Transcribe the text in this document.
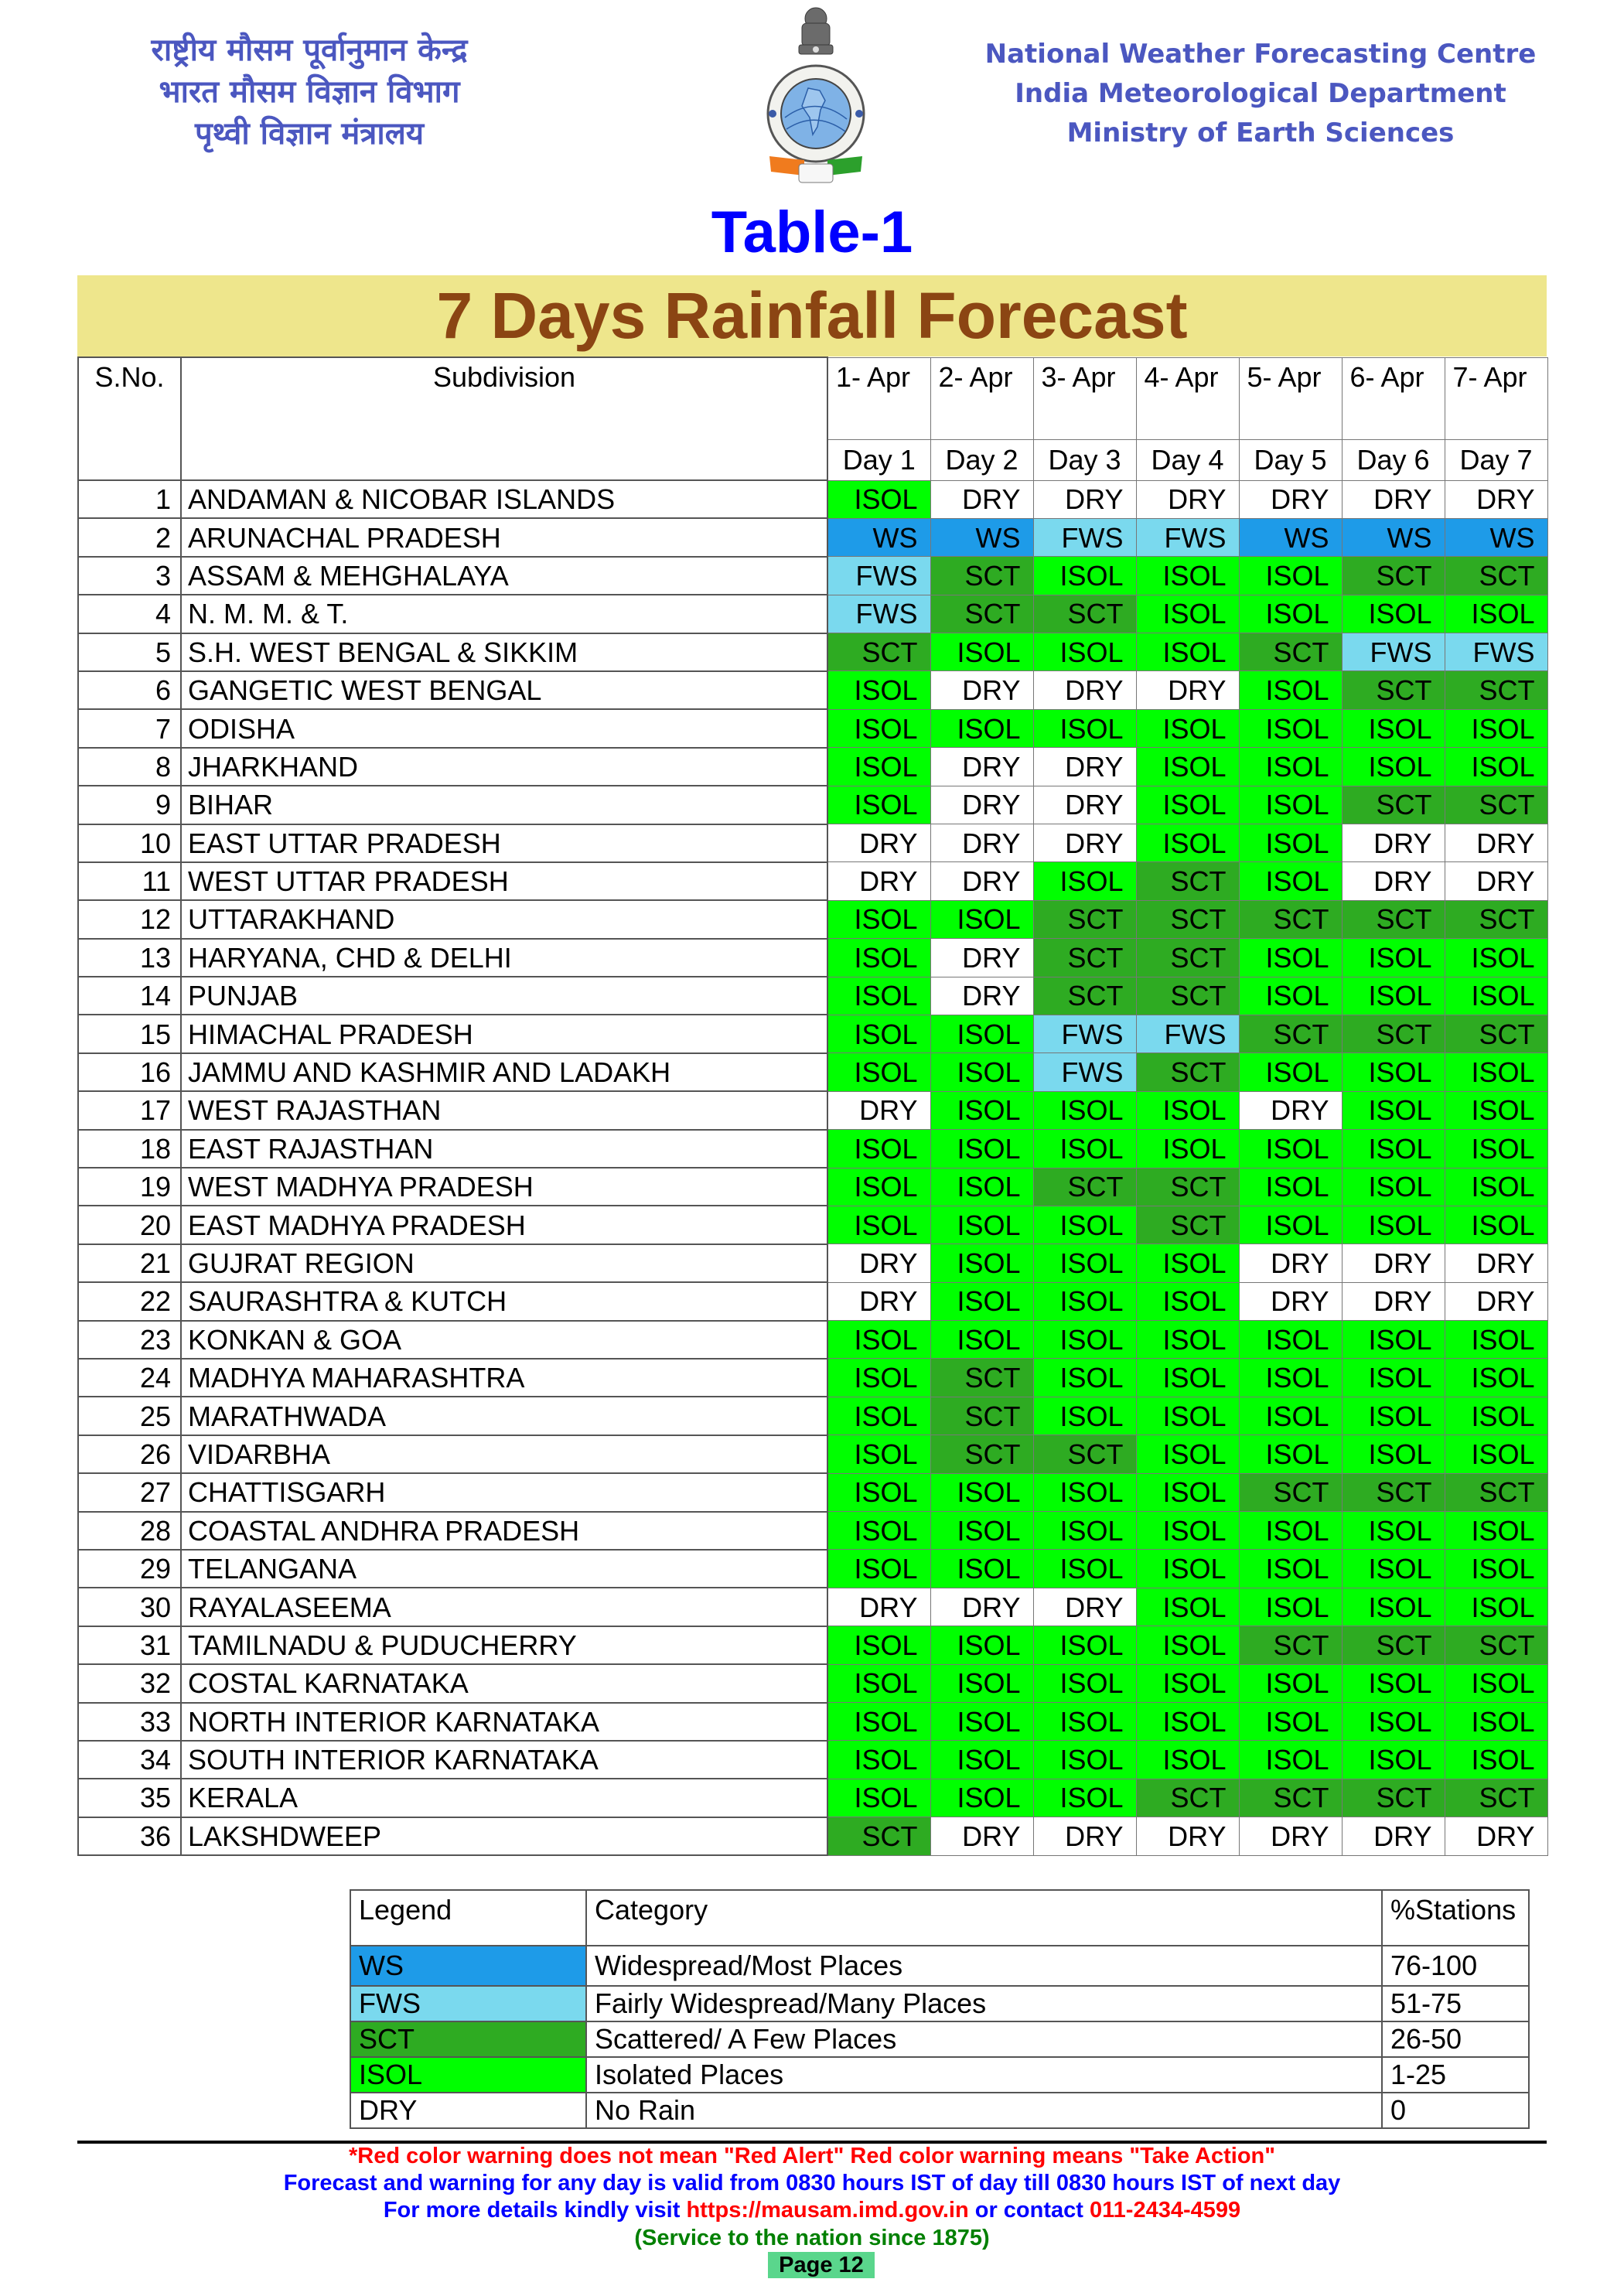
राष्ट्रीय मौसम पूर्वानुमान केन्द्र
भारत मौसम विज्ञान विभाग
पृथ्वी विज्ञान मंत्रालय
National Weather Forecasting Centre
India Meteorological Department
Ministry of Earth Sciences
Table-1
7 Days Rainfall Forecast
S.No.	Subdivision	1- Apr	2- Apr	3- Apr	4- Apr	5- Apr	6- Apr	7- Apr
		Day 1	Day 2	Day 3	Day 4	Day 5	Day 6	Day 7
1	ANDAMAN & NICOBAR ISLANDS	ISOL	DRY	DRY	DRY	DRY	DRY	DRY
2	ARUNACHAL PRADESH	WS	WS	FWS	FWS	WS	WS	WS
3	ASSAM & MEHGHALAYA	FWS	SCT	ISOL	ISOL	ISOL	SCT	SCT
4	N. M. M. & T.	FWS	SCT	SCT	ISOL	ISOL	ISOL	ISOL
5	S.H. WEST BENGAL & SIKKIM	SCT	ISOL	ISOL	ISOL	SCT	FWS	FWS
6	GANGETIC WEST BENGAL	ISOL	DRY	DRY	DRY	ISOL	SCT	SCT
7	ODISHA	ISOL	ISOL	ISOL	ISOL	ISOL	ISOL	ISOL
8	JHARKHAND	ISOL	DRY	DRY	ISOL	ISOL	ISOL	ISOL
9	BIHAR	ISOL	DRY	DRY	ISOL	ISOL	SCT	SCT
10	EAST UTTAR PRADESH	DRY	DRY	DRY	ISOL	ISOL	DRY	DRY
11	WEST UTTAR PRADESH	DRY	DRY	ISOL	SCT	ISOL	DRY	DRY
12	UTTARAKHAND	ISOL	ISOL	SCT	SCT	SCT	SCT	SCT
13	HARYANA, CHD & DELHI	ISOL	DRY	SCT	SCT	ISOL	ISOL	ISOL
14	PUNJAB	ISOL	DRY	SCT	SCT	ISOL	ISOL	ISOL
15	HIMACHAL PRADESH	ISOL	ISOL	FWS	FWS	SCT	SCT	SCT
16	JAMMU AND KASHMIR AND LADAKH	ISOL	ISOL	FWS	SCT	ISOL	ISOL	ISOL
17	WEST RAJASTHAN	DRY	ISOL	ISOL	ISOL	DRY	ISOL	ISOL
18	EAST RAJASTHAN	ISOL	ISOL	ISOL	ISOL	ISOL	ISOL	ISOL
19	WEST MADHYA PRADESH	ISOL	ISOL	SCT	SCT	ISOL	ISOL	ISOL
20	EAST MADHYA PRADESH	ISOL	ISOL	ISOL	SCT	ISOL	ISOL	ISOL
21	GUJRAT REGION	DRY	ISOL	ISOL	ISOL	DRY	DRY	DRY
22	SAURASHTRA & KUTCH	DRY	ISOL	ISOL	ISOL	DRY	DRY	DRY
23	KONKAN & GOA	ISOL	ISOL	ISOL	ISOL	ISOL	ISOL	ISOL
24	MADHYA MAHARASHTRA	ISOL	SCT	ISOL	ISOL	ISOL	ISOL	ISOL
25	MARATHWADA	ISOL	SCT	ISOL	ISOL	ISOL	ISOL	ISOL
26	VIDARBHA	ISOL	SCT	SCT	ISOL	ISOL	ISOL	ISOL
27	CHATTISGARH	ISOL	ISOL	ISOL	ISOL	SCT	SCT	SCT
28	COASTAL ANDHRA PRADESH	ISOL	ISOL	ISOL	ISOL	ISOL	ISOL	ISOL
29	TELANGANA	ISOL	ISOL	ISOL	ISOL	ISOL	ISOL	ISOL
30	RAYALASEEMA	DRY	DRY	DRY	ISOL	ISOL	ISOL	ISOL
31	TAMILNADU & PUDUCHERRY	ISOL	ISOL	ISOL	ISOL	SCT	SCT	SCT
32	COSTAL KARNATAKA	ISOL	ISOL	ISOL	ISOL	ISOL	ISOL	ISOL
33	NORTH INTERIOR KARNATAKA	ISOL	ISOL	ISOL	ISOL	ISOL	ISOL	ISOL
34	SOUTH INTERIOR KARNATAKA	ISOL	ISOL	ISOL	ISOL	ISOL	ISOL	ISOL
35	KERALA	ISOL	ISOL	ISOL	SCT	SCT	SCT	SCT
36	LAKSHDWEEP	SCT	DRY	DRY	DRY	DRY	DRY	DRY
Legend	Category	%Stations
WS	Widespread/Most Places	76-100
FWS	Fairly Widespread/Many Places	51-75
SCT	Scattered/ A Few Places	26-50
ISOL	Isolated Places	1-25
DRY	No Rain	0
*Red color warning does not mean "Red Alert" Red color warning means "Take Action"
Forecast and warning for any day is valid from 0830 hours IST of day till 0830 hours IST of next day
For more details kindly visit https://mausam.imd.gov.in or contact 011-2434-4599
(Service to the nation since 1875)
Page 12
